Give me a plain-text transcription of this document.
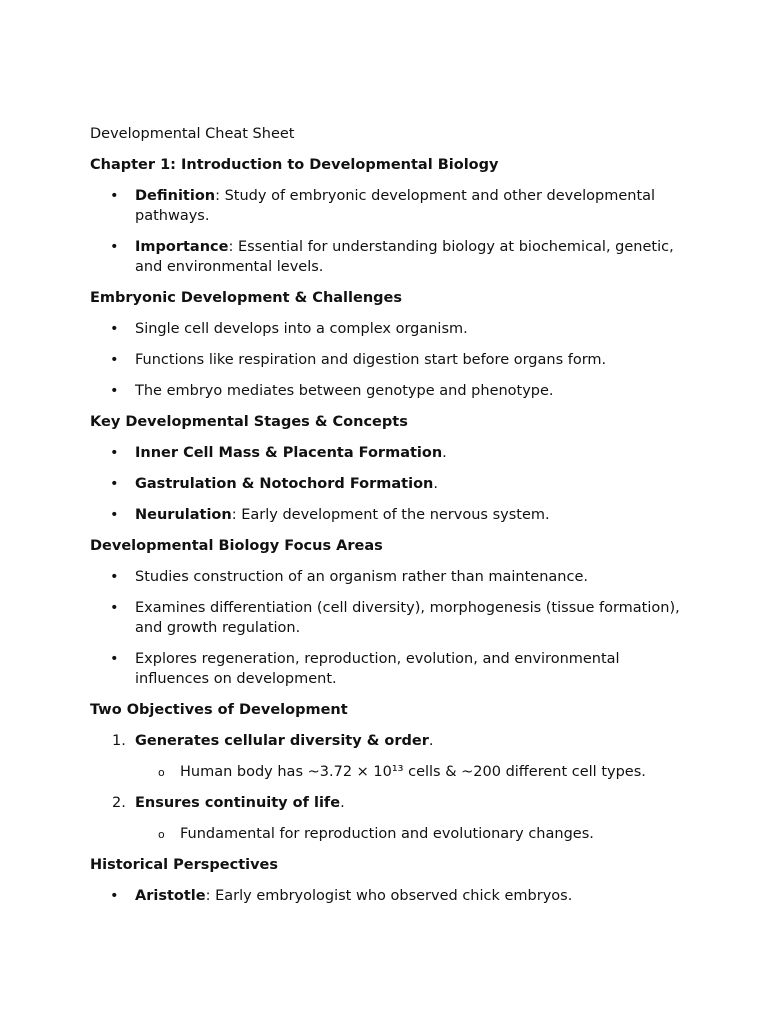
Developmental Cheat Sheet
Chapter 1: Introduction to Developmental Biology
• Definition: Study of embryonic development and other developmental pathways.
• Importance: Essential for understanding biology at biochemical, genetic, and environmental levels.
Embryonic Development & Challenges
• Single cell develops into a complex organism.
• Functions like respiration and digestion start before organs form.
• The embryo mediates between genotype and phenotype.
Key Developmental Stages & Concepts
• Inner Cell Mass & Placenta Formation.
• Gastrulation & Notochord Formation.
• Neurulation: Early development of the nervous system.
Developmental Biology Focus Areas
• Studies construction of an organism rather than maintenance.
• Examines differentiation (cell diversity), morphogenesis (tissue formation), and growth regulation.
• Explores regeneration, reproduction, evolution, and environmental influences on development.
Two Objectives of Development
1. Generates cellular diversity & order.
o Human body has ~3.72 × 10¹³ cells & ~200 different cell types.
2. Ensures continuity of life.
o Fundamental for reproduction and evolutionary changes.
Historical Perspectives
• Aristotle: Early embryologist who observed chick embryos.
